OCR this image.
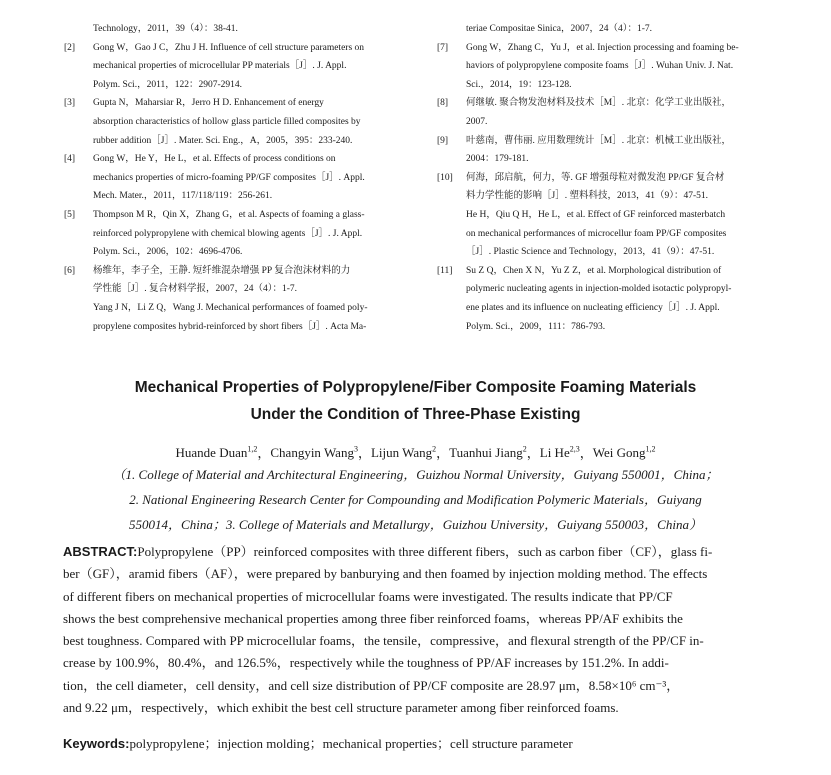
Technology，2011，39（4）：38-41.
[2] Gong W，Gao J C，Zhu J H. Influence of cell structure parameters on
mechanical properties of microcellular PP materials［J］. J. Appl.
Polym. Sci.，2011，122：2907-2914.
[3] Gupta N，Maharsiar R，Jerro H D. Enhancement of energy
absorption characteristics of hollow glass particle filled composites by
rubber addition［J］. Mater. Sci. Eng.，A，2005，395：233-240.
[4] Gong W，He Y，He L，et al. Effects of process conditions on
mechanics properties of micro-foaming PP/GF composites［J］. Appl.
Mech. Mater.，2011，117/118/119：256-261.
[5] Thompson M R，Qin X，Zhang G，et al. Aspects of foaming a glass-
reinforced polypropylene with chemical blowing agents［J］. J. Appl.
Polym. Sci.，2006，102：4696-4706.
[6] 杨维年，李子全，王静. 短纤维混杂增强 PP 复合泡沫材料的力
学性能［J］. 复合材料学报，2007，24（4）：1-7.
Yang J N，Li Z Q，Wang J. Mechanical performances of foamed poly-
propylene composites hybrid-reinforced by short fibers［J］. Acta Ma-
teriae Compositae Sinica，2007，24（4）：1-7.
[7] Gong W，Zhang C，Yu J，et al. Injection processing and foaming be-
haviors of polypropylene composite foams［J］. Wuhan Univ. J. Nat.
Sci.，2014，19：123-128.
[8] 何继敏. 聚合物发泡材料及技术［M］. 北京：化学工业出版社，
2007.
[9] 叶慈南，曹伟丽. 应用数理统计［M］. 北京：机械工业出版社，
2004：179-181.
[10] 何海，邱启航，何力，等. GF 增强母粒对微发泡 PP/GF 复合材
料力学性能的影响［J］. 塑料科技，2013，41（9）：47-51.
He H，Qiu Q H，He L，et al. Effect of GF reinforced masterbatch
on mechanical performances of microcellur foam PP/GF composites
［J］. Plastic Science and Technology，2013，41（9）：47-51.
[11] Su Z Q，Chen X N，Yu Z Z，et al. Morphological distribution of
polymeric nucleating agents in injection-molded isotactic polypropyl-
ene plates and its influence on nucleating efficiency［J］. J. Appl.
Polym. Sci.，2009，111：786-793.
Mechanical Properties of Polypropylene/Fiber Composite Foaming Materials
Under the Condition of Three-Phase Existing
Huande Duan$^{1,2}$，Changyin Wang$^3$，Lijun Wang$^2$，Tuanhui Jiang$^2$，Li He$^{2,3}$，Wei Gong$^{1,2}$
（1. College of Material and Architectural Engineering，Guizhou Normal University，Guiyang 550001，China；
2. National Engineering Research Center for Compounding and Modification Polymeric Materials，Guiyang
550014，China；3. College of Materials and Metallurgy，Guizhou University，Guiyang 550003，China）
ABSTRACT:Polypropylene（PP）reinforced composites with three different fibers，such as carbon fiber（CF），glass fi-
ber（GF），aramid fibers（AF），were prepared by banburying and then foamed by injection molding method. The effects
of different fibers on mechanical properties of microcellular foams were investigated. The results indicate that PP/CF
shows the best comprehensive mechanical properties among three fiber reinforced foams，whereas PP/AF exhibits the
best toughness. Compared with PP microcellular foams，the tensile，compressive，and flexural strength of the PP/CF in-
crease by 100.9%，80.4%，and 126.5%，respectively while the toughness of PP/AF increases by 151.2%. In addi-
tion，the cell diameter，cell density，and cell size distribution of PP/CF composite are 28.97 μm，8.58×10⁶ cm⁻³，
and 9.22 μm，respectively，which exhibit the best cell structure parameter among fiber reinforced foams.
Keywords:polypropylene；injection molding；mechanical properties；cell structure parameter
